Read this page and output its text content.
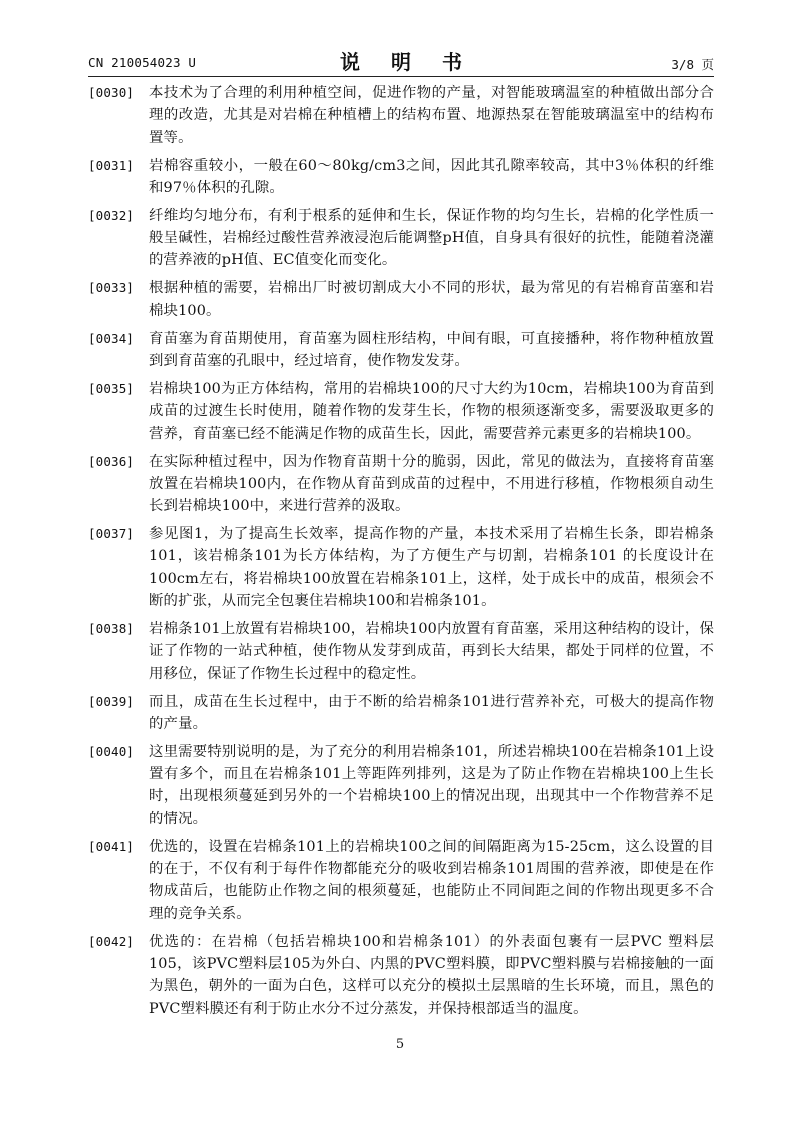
CN 210054023 U	说 明 书	3/8 页
[0030] 本技术为了合理的利用种植空间，促进作物的产量，对智能玻璃温室的种植做出部分合理的改造，尤其是对岩棉在种植槽上的结构布置、地源热泵在智能玻璃温室中的结构布置等。
[0031] 岩棉容重较小，一般在60～80kg/cm3之间，因此其孔隙率较高，其中3％体积的纤维和97％体积的孔隙。
[0032] 纤维均匀地分布，有利于根系的延伸和生长，保证作物的均匀生长，岩棉的化学性质一般呈碱性，岩棉经过酸性营养液浸泡后能调整pH值，自身具有很好的抗性，能随着浇灌的营养液的pH值、EC值变化而变化。
[0033] 根据种植的需要，岩棉出厂时被切割成大小不同的形状，最为常见的有岩棉育苗塞和岩棉块100。
[0034] 育苗塞为育苗期使用，育苗塞为圆柱形结构，中间有眼，可直接播种，将作物种植放置到到育苗塞的孔眼中，经过培育，使作物发发芽。
[0035] 岩棉块100为正方体结构，常用的岩棉块100的尺寸大约为10cm，岩棉块100为育苗到成苗的过渡生长时使用，随着作物的发芽生长，作物的根须逐渐变多，需要汲取更多的营养，育苗塞已经不能满足作物的成苗生长，因此，需要营养元素更多的岩棉块100。
[0036] 在实际种植过程中，因为作物育苗期十分的脆弱，因此，常见的做法为，直接将育苗塞放置在岩棉块100内，在作物从育苗到成苗的过程中，不用进行移植，作物根须自动生长到岩棉块100中，来进行营养的汲取。
[0037] 参见图1，为了提高生长效率，提高作物的产量，本技术采用了岩棉生长条，即岩棉条101，该岩棉条101为长方体结构，为了方便生产与切割，岩棉条101 的长度设计在100cm左右，将岩棉块100放置在岩棉条101上，这样，处于成长中的成苗，根须会不断的扩张，从而完全包裹住岩棉块100和岩棉条101。
[0038] 岩棉条101上放置有岩棉块100，岩棉块100内放置有育苗塞，采用这种结构的设计，保证了作物的一站式种植，使作物从发芽到成苗，再到长大结果，都处于同样的位置，不用移位，保证了作物生长过程中的稳定性。
[0039] 而且，成苗在生长过程中，由于不断的给岩棉条101进行营养补充，可极大的提高作物的产量。
[0040] 这里需要特别说明的是，为了充分的利用岩棉条101，所述岩棉块100在岩棉条101上设置有多个，而且在岩棉条101上等距阵列排列，这是为了防止作物在岩棉块100上生长时，出现根须蔓延到另外的一个岩棉块100上的情况出现，出现其中一个作物营养不足的情况。
[0041] 优选的，设置在岩棉条101上的岩棉块100之间的间隔距离为15-25cm，这么设置的目的在于，不仅有利于每件作物都能充分的吸收到岩棉条101周围的营养液，即使是在作物成苗后，也能防止作物之间的根须蔓延，也能防止不同间距之间的作物出现更多不合理的竞争关系。
[0042] 优选的：在岩棉（包括岩棉块100和岩棉条101）的外表面包裹有一层PVC 塑料层105，该PVC塑料层105为外白、内黑的PVC塑料膜，即PVC塑料膜与岩棉接触的一面为黑色，朝外的一面为白色，这样可以充分的模拟土层黑暗的生长环境，而且，黑色的PVC塑料膜还有利于防止水分不过分蒸发，并保持根部适当的温度。
5
